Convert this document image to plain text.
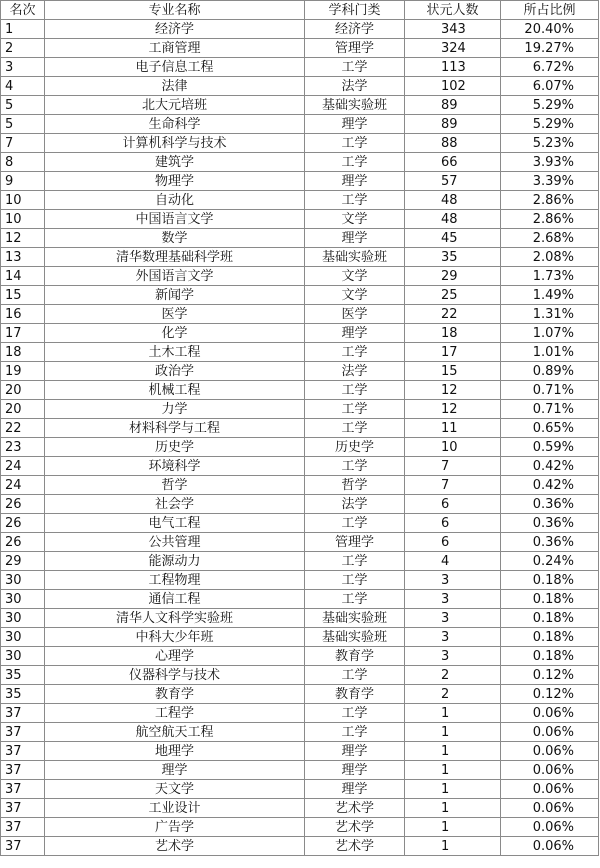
名次	专业名称	学科门类	状元人数	所占比例
1	经济学	经济学	343	20.40%
2	工商管理	管理学	324	19.27%
3	电子信息工程	工学	113	6.72%
4	法律	法学	102	6.07%
5	北大元培班	基础实验班	89	5.29%
5	生命科学	理学	89	5.29%
7	计算机科学与技术	工学	88	5.23%
8	建筑学	工学	66	3.93%
9	物理学	理学	57	3.39%
10	自动化	工学	48	2.86%
10	中国语言文学	文学	48	2.86%
12	数学	理学	45	2.68%
13	清华数理基础科学班	基础实验班	35	2.08%
14	外国语言文学	文学	29	1.73%
15	新闻学	文学	25	1.49%
16	医学	医学	22	1.31%
17	化学	理学	18	1.07%
18	土木工程	工学	17	1.01%
19	政治学	法学	15	0.89%
20	机械工程	工学	12	0.71%
20	力学	工学	12	0.71%
22	材料科学与工程	工学	11	0.65%
23	历史学	历史学	10	0.59%
24	环境科学	工学	7	0.42%
24	哲学	哲学	7	0.42%
26	社会学	法学	6	0.36%
26	电气工程	工学	6	0.36%
26	公共管理	管理学	6	0.36%
29	能源动力	工学	4	0.24%
30	工程物理	工学	3	0.18%
30	通信工程	工学	3	0.18%
30	清华人文科学实验班	基础实验班	3	0.18%
30	中科大少年班	基础实验班	3	0.18%
30	心理学	教育学	3	0.18%
35	仪器科学与技术	工学	2	0.12%
35	教育学	教育学	2	0.12%
37	工程学	工学	1	0.06%
37	航空航天工程	工学	1	0.06%
37	地理学	理学	1	0.06%
37	理学	理学	1	0.06%
37	天文学	理学	1	0.06%
37	工业设计	艺术学	1	0.06%
37	广告学	艺术学	1	0.06%
37	艺术学	艺术学	1	0.06%
